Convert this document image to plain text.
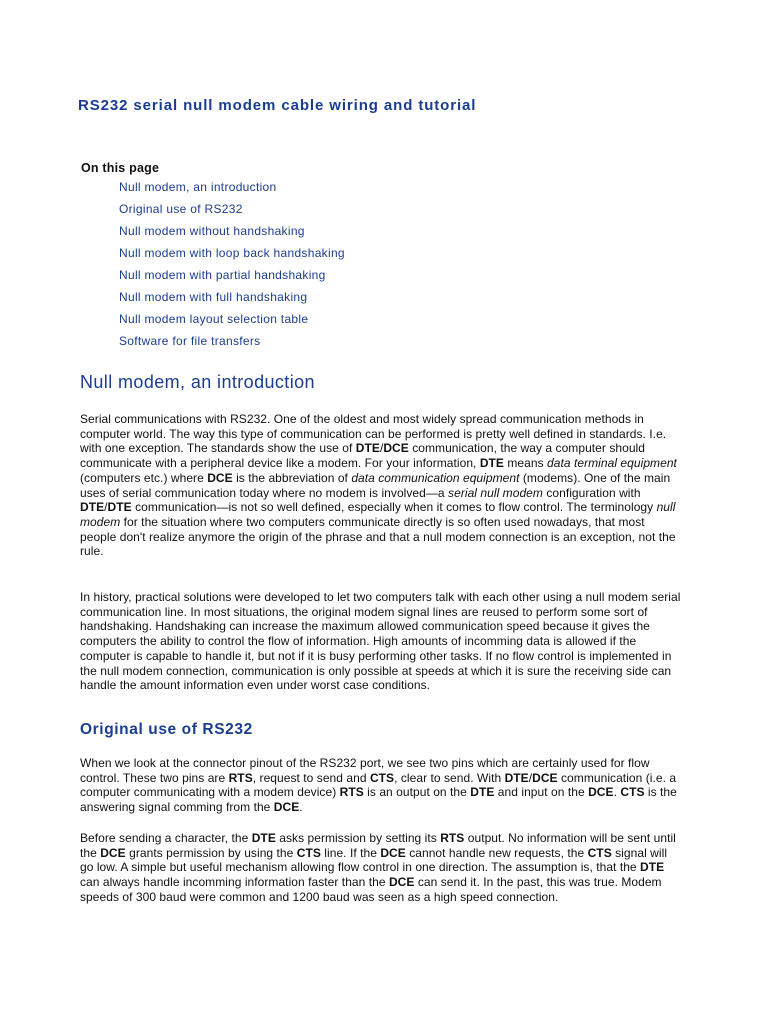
RS232 serial null modem cable wiring and tutorial
On this page
Null modem, an introduction
Original use of RS232
Null modem without handshaking
Null modem with loop back handshaking
Null modem with partial handshaking
Null modem with full handshaking
Null modem layout selection table
Software for file transfers
Null modem, an introduction

Serial communications with RS232. One of the oldest and most widely spread communication methods in computer world. The way this type of communication can be performed is pretty well defined in standards. I.e. with one exception. The standards show the use of DTE/DCE communication, the way a computer should communicate with a peripheral device like a modem. For your information, DTE means data terminal equipment (computers etc.) where DCE is the abbreviation of data communication equipment (modems). One of the main uses of serial communication today where no modem is involved—a serial null modem configuration with DTE/DTE communication—is not so well defined, especially when it comes to flow control. The terminology null modem for the situation where two computers communicate directly is so often used nowadays, that most people don't realize anymore the origin of the phrase and that a null modem connection is an exception, not the rule.

In history, practical solutions were developed to let two computers talk with each other using a null modem serial communication line. In most situations, the original modem signal lines are reused to perform some sort of handshaking. Handshaking can increase the maximum allowed communication speed because it gives the computers the ability to control the flow of information. High amounts of incomming data is allowed if the computer is capable to handle it, but not if it is busy performing other tasks. If no flow control is implemented in the null modem connection, communication is only possible at speeds at which it is sure the receiving side can handle the amount information even under worst case conditions.

Original use of RS232

When we look at the connector pinout of the RS232 port, we see two pins which are certainly used for flow control. These two pins are RTS, request to send and CTS, clear to send. With DTE/DCE communication (i.e. a computer communicating with a modem device) RTS is an output on the DTE and input on the DCE. CTS is the answering signal comming from the DCE.

Before sending a character, the DTE asks permission by setting its RTS output. No information will be sent until the DCE grants permission by using the CTS line. If the DCE cannot handle new requests, the CTS signal will go low. A simple but useful mechanism allowing flow control in one direction. The assumption is, that the DTE can always handle incomming information faster than the DCE can send it. In the past, this was true. Modem speeds of 300 baud were common and 1200 baud was seen as a high speed connection.
